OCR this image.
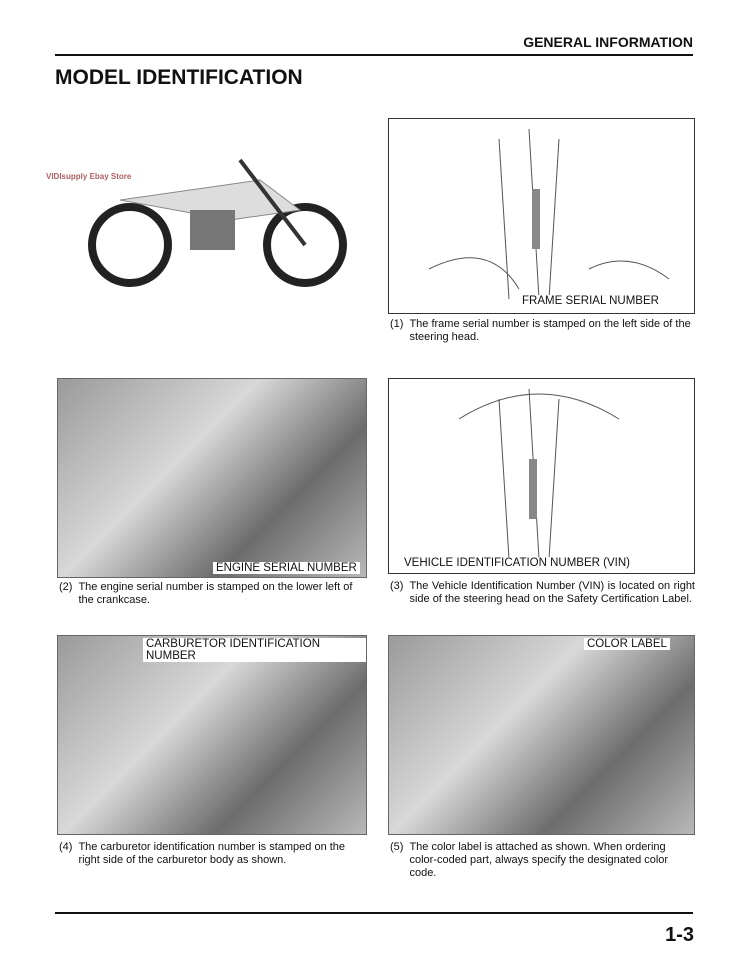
GENERAL INFORMATION
MODEL IDENTIFICATION
VIDIsupply Ebay Store
FRAME SERIAL NUMBER
(1) The frame serial number is stamped on the left side of the steering head.
ENGINE SERIAL NUMBER
(2) The engine serial number is stamped on the lower left of the crankcase.
VEHICLE IDENTIFICATION NUMBER (VIN)
(3) The Vehicle Identification Number (VIN) is located on right side of the steering head on the Safety Certification Label.
CARBURETOR IDENTIFICATION NUMBER
(4) The carburetor identification number is stamped on the right side of the carburetor body as shown.
COLOR LABEL
(5) The color label is attached as shown. When ordering color-coded part, always specify the designated color code.
1-3
